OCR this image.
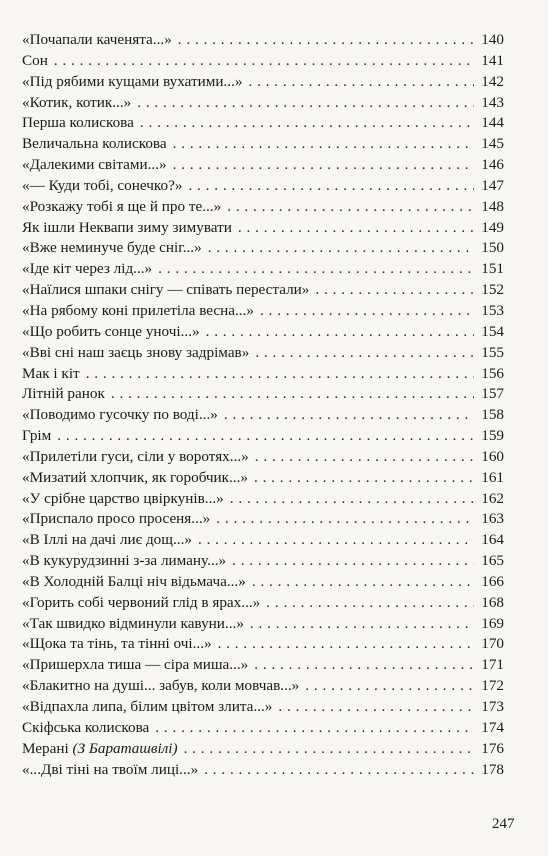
«Почапали каченята...» . . .	140
Сон . . .	141
«Під рябими кущами вухатими...» . . .	142
«Котик, котик...» . . .	143
Перша колискова . . .	144
Величальна колискова . . .	145
«Далекими світами...» . . .	146
«— Куди тобі, сонечко?» . . .	147
«Розкажу тобі я ще й про те...» . . .	148
Як ішли Неквапи зиму зимувати . . .	149
«Вже неминуче буде сніг...» . . .	150
«Іде кіт через лід...» . . .	151
«Наїлися шпаки снігу — співать перестали» . . .	152
«На рябому коні прилетіла весна...» . . .	153
«Що робить сонце уночі...» . . .	154
«Вві сні наш заєць знову задрімав» . . .	155
Мак і кіт . . .	156
Літній ранок . . .	157
«Поводимо гусочку по воді...» . . .	158
Грім . . .	159
«Прилетіли гуси, сіли у воротях...» . . .	160
«Мизатий хлопчик, як горобчик...» . . .	161
«У срібне царство цвіркунів...» . . .	162
«Приспало просо просеня...» . . .	163
«В Іллі на дачі лиє дощ...» . . .	164
«В кукурудзинні з-за лиману...» . . .	165
«В Холодній Балці ніч відьмача...» . . .	166
«Горить собі червоний глід в ярах...» . . .	168
«Так швидко відминули кавуни...» . . .	169
«Щока та тінь, та тінні очі...» . . .	170
«Пришерхла тиша — сіра миша...» . . .	171
«Блакитно на душі... забув, коли мовчав...» . . .	172
«Відпахла липа, білим цвітом злита...» . . .	173
Скіфська колискова . . .	174
Мерані (З Бараташвілі) . . .	176
«...Дві тіні на твоїм лиці...» . . .	178
247
